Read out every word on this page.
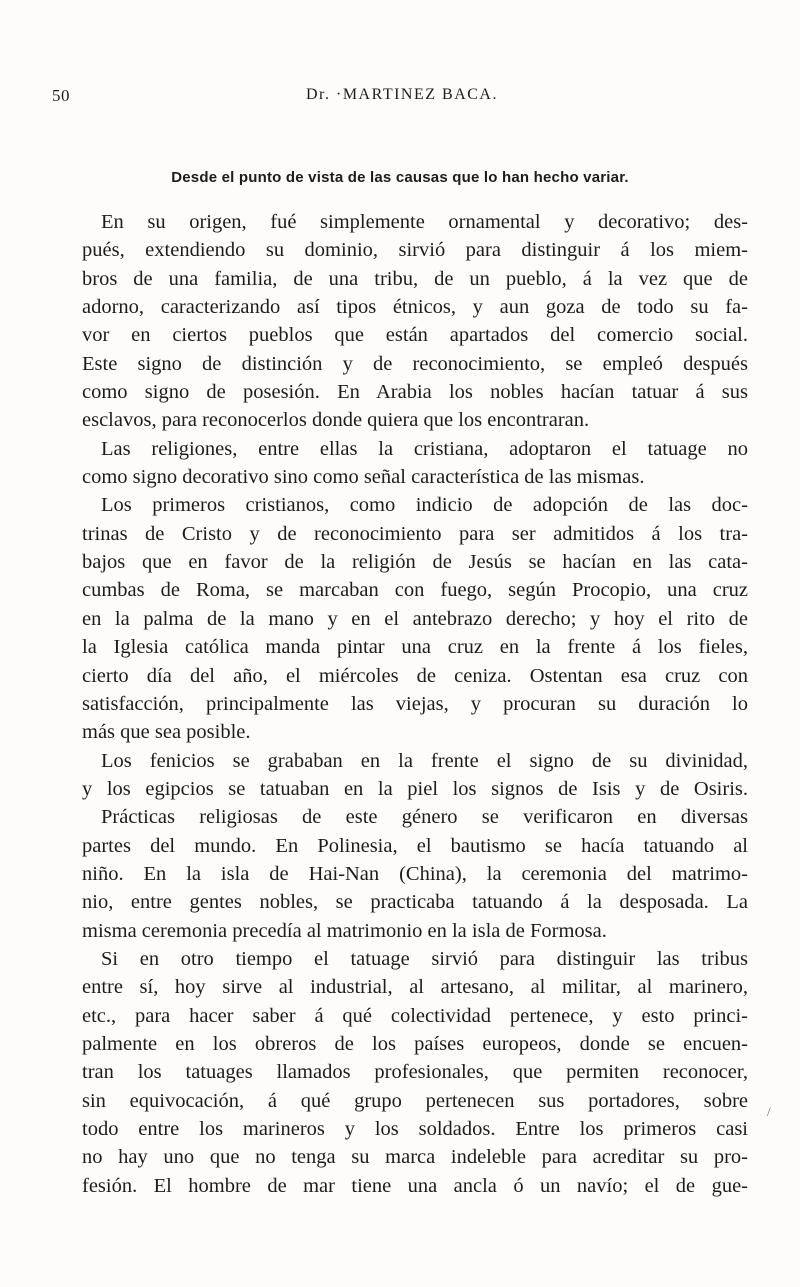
50	Dr. ·MARTINEZ BACA.
Desde el punto de vista de las causas que lo han hecho variar.
En su origen, fué simplemente ornamental y decorativo; des-
pués, extendiendo su dominio, sirvió para distinguir á los miem-
bros de una familia, de una tribu, de un pueblo, á la vez que de
adorno, caracterizando así tipos étnicos, y aun goza de todo su fa-
vor en ciertos pueblos que están apartados del comercio social.
Este signo de distinción y de reconocimiento, se empleó después
como signo de posesión. En Arabia los nobles hacían tatuar á sus
esclavos, para reconocerlos donde quiera que los encontraran.
Las religiones, entre ellas la cristiana, adoptaron el tatuage no
como signo decorativo sino como señal característica de las mismas.
Los primeros cristianos, como indicio de adopción de las doc-
trinas de Cristo y de reconocimiento para ser admitidos á los tra-
bajos que en favor de la religión de Jesús se hacían en las cata-
cumbas de Roma, se marcaban con fuego, según Procopio, una cruz
en la palma de la mano y en el antebrazo derecho; y hoy el rito de
la Iglesia católica manda pintar una cruz en la frente á los fieles,
cierto día del año, el miércoles de ceniza. Ostentan esa cruz con
satisfacción, principalmente las viejas, y procuran su duración lo
más que sea posible.
Los fenicios se grababan en la frente el signo de su divinidad,
y los egipcios se tatuaban en la piel los signos de Isis y de Osiris.
Prácticas religiosas de este género se verificaron en diversas
partes del mundo. En Polinesia, el bautismo se hacía tatuando al
niño. En la isla de Hai-Nan (China), la ceremonia del matrimo-
nio, entre gentes nobles, se practicaba tatuando á la desposada. La
misma ceremonia precedía al matrimonio en la isla de Formosa.
Si en otro tiempo el tatuage sirvió para distinguir las tribus
entre sí, hoy sirve al industrial, al artesano, al militar, al marinero,
etc., para hacer saber á qué colectividad pertenece, y esto princi-
palmente en los obreros de los países europeos, donde se encuen-
tran los tatuages llamados profesionales, que permiten reconocer,
sin equivocación, á qué grupo pertenecen sus portadores, sobre
todo entre los marineros y los soldados. Entre los primeros casi
no hay uno que no tenga su marca indeleble para acreditar su pro-
fesión. El hombre de mar tiene una ancla ó un navío; el de gue-
/
